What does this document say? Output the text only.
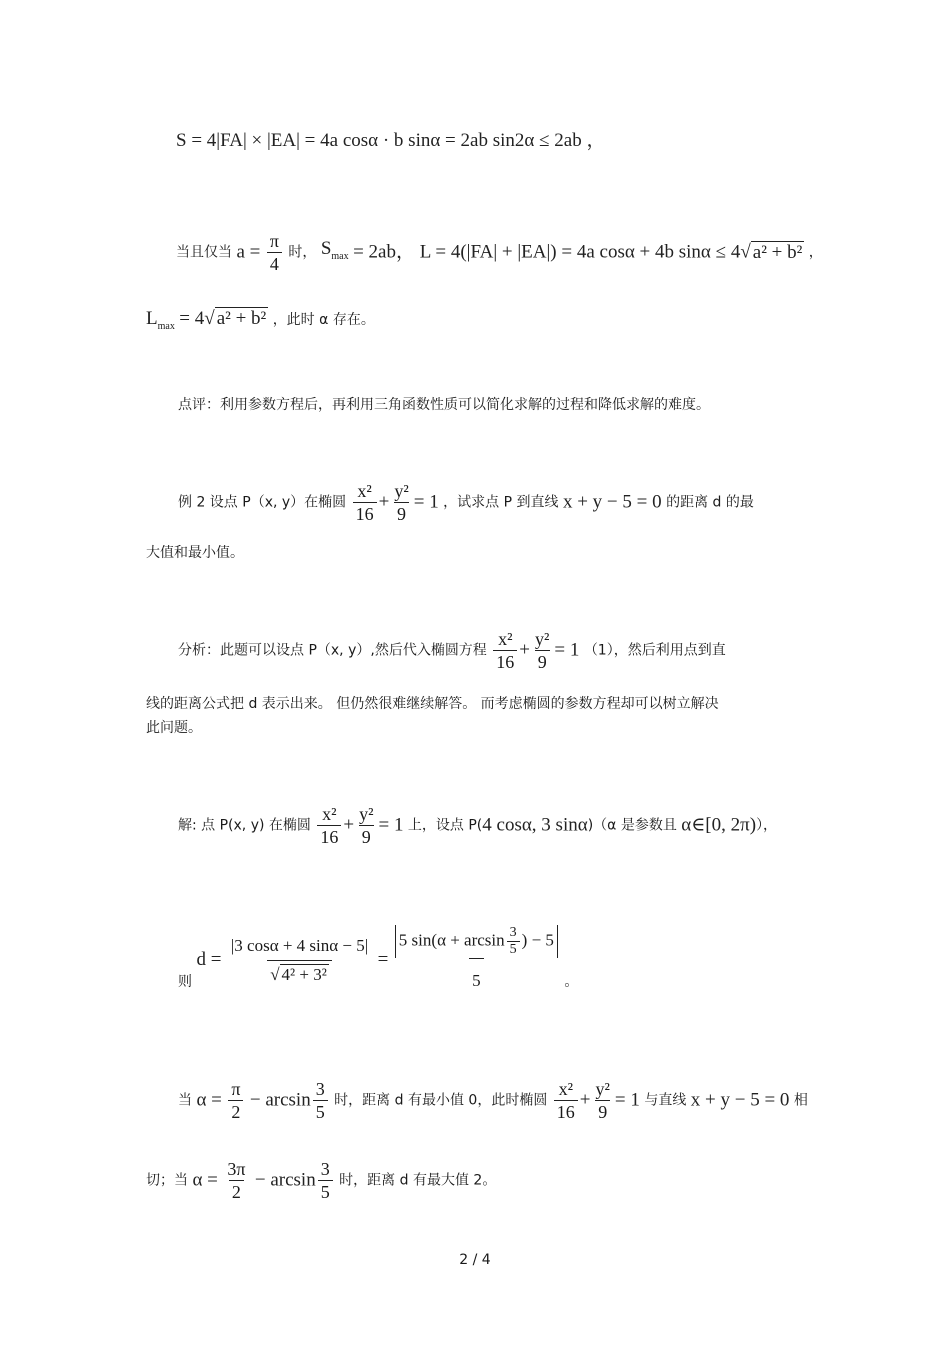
S = 4|FA| × |EA| = 4a cosα · b sinα = 2ab sin2α ≤ 2ab ，
当且仅当 $a = \frac{\pi}{4}$ 时， $S_{max} = 2ab$， L = 4(|FA| + |EA|) = 4a cosα + 4b sinα ≤ 4√ a² + b² ，
$L_{max} = 4√$ a² + b² ，此时 α 存在。
点评：利用参数方程后，再利用三角函数性质可以简化求解的过程和降低求解的难度。
例 2 设点 P（x, y）在椭圆 $\frac{\text{x²}}{16} + \frac{\text{y²}}{9} = 1$ ，试求点 P 到直线 x + y − 5 = 0 的距离 d 的最
大值和最小值。
分析：此题可以设点 P（x, y）,然后代入椭圆方程 $\frac{\text{x²}}{16} + \frac{\text{y²}}{9} = 1$ （1），然后利用点到直
线的距离公式把 d 表示出来。 但仍然很难继续解答。 而考虑椭圆的参数方程却可以树立解决
此问题。
解: 点 P(x, y) 在椭圆 $\frac{\text{x²}}{16} + \frac{\text{y²}}{9} = 1$ 上，设点 P(4 cosα, 3 sinα)（α 是参数且 α∈[0, 2π)），
则 $d = \frac{|3 \cos\alpha + 4 \sin\alpha - 5|}{\text{√ 4² + 3²}} = \frac{5 \sin(\alpha + \arcsin \frac{3}{5} ) - 5}{5}$ 。
当 $\alpha = \frac{\pi}{2} - \arcsin \frac{3}{5}$ 时，距离 d 有最小值 0，此时椭圆 $\frac{\text{x²}}{16} + \frac{\text{y²}}{9} = 1$ 与直线 x + y − 5 = 0 相
切；当 $\alpha = \frac{3\pi}{2} - \arcsin \frac{3}{5}$ 时，距离 d 有最大值 2。
2 / 4
